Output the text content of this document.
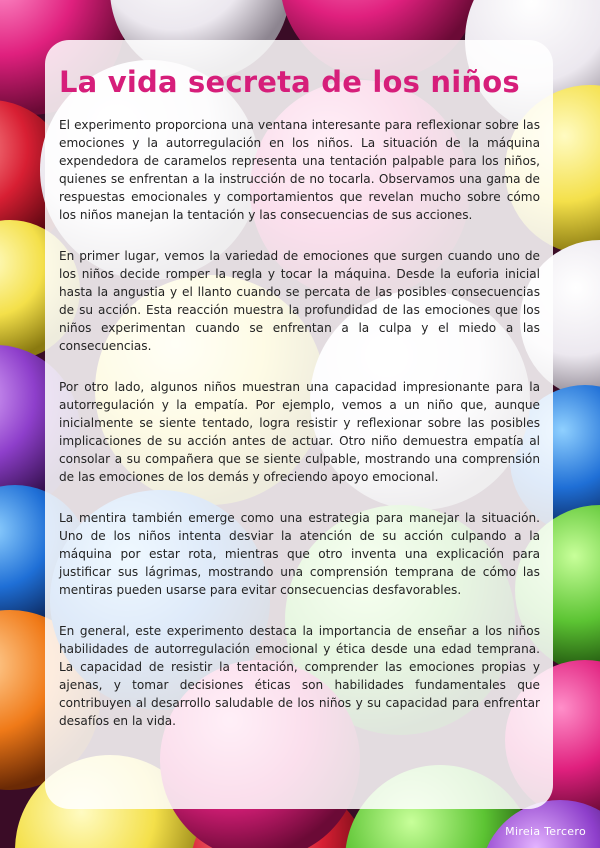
La vida secreta de los niños

El experimento proporciona una ventana interesante para reflexionar sobre las emociones y la autorregulación en los niños. La situación de la máquina expendedora de caramelos representa una tentación palpable para los niños, quienes se enfrentan a la instrucción de no tocarla. Observamos una gama de respuestas emocionales y comportamientos que revelan mucho sobre cómo los niños manejan la tentación y las consecuencias de sus acciones.

En primer lugar, vemos la variedad de emociones que surgen cuando uno de los niños decide romper la regla y tocar la máquina. Desde la euforia inicial hasta la angustia y el llanto cuando se percata de las posibles consecuencias de su acción. Esta reacción muestra la profundidad de las emociones que los niños experimentan cuando se enfrentan a la culpa y el miedo a las consecuencias.

Por otro lado, algunos niños muestran una capacidad impresionante para la autorregulación y la empatía. Por ejemplo, vemos a un niño que, aunque inicialmente se siente tentado, logra resistir y reflexionar sobre las posibles implicaciones de su acción antes de actuar. Otro niño demuestra empatía al consolar a su compañera que se siente culpable, mostrando una comprensión de las emociones de los demás y ofreciendo apoyo emocional.

La mentira también emerge como una estrategia para manejar la situación. Uno de los niños intenta desviar la atención de su acción culpando a la máquina por estar rota, mientras que otro inventa una explicación para justificar sus lágrimas, mostrando una comprensión temprana de cómo las mentiras pueden usarse para evitar consecuencias desfavorables.

En general, este experimento destaca la importancia de enseñar a los niños habilidades de autorregulación emocional y ética desde una edad temprana. La capacidad de resistir la tentación, comprender las emociones propias y ajenas, y tomar decisiones éticas son habilidades fundamentales que contribuyen al desarrollo saludable de los niños y su capacidad para enfrentar desafíos en la vida.

Mireia Tercero
